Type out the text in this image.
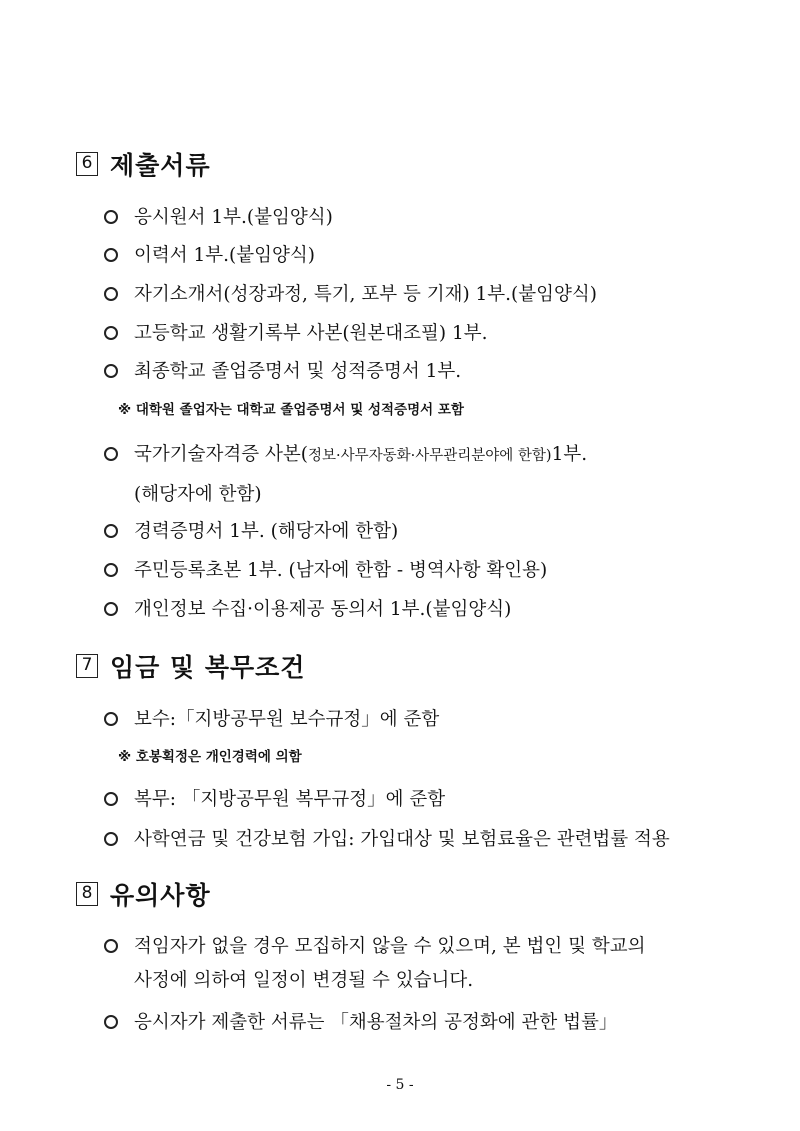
6 제출서류
응시원서 1부.(붙임양식)
이력서 1부.(붙임양식)
자기소개서(성장과정, 특기, 포부 등 기재) 1부.(붙임양식)
고등학교 생활기록부 사본(원본대조필) 1부.
최종학교 졸업증명서 및 성적증명서 1부.
※ 대학원 졸업자는 대학교 졸업증명서 및 성적증명서 포함
국가기술자격증 사본( 정보·사무자동화·사무관리분야에 한함) 1부.
(해당자에 한함)
경력증명서 1부. (해당자에 한함)
주민등록초본 1부. (남자에 한함 - 병역사항 확인용)
개인정보 수집·이용제공 동의서 1부.(붙임양식)
7 임금 및 복무조건
보수:「지방공무원 보수규정」에 준함
※ 호봉획정은 개인경력에 의함
복무: 「지방공무원 복무규정」에 준함
사학연금 및 건강보험 가입: 가입대상 및 보험료율은 관련법률 적용
8 유의사항
적임자가 없을 경우 모집하지 않을 수 있으며, 본 법인 및 학교의
사정에 의하여 일정이 변경될 수 있습니다.
응시자가 제출한 서류는 「채용절차의 공정화에 관한 법률」
- 5 -
